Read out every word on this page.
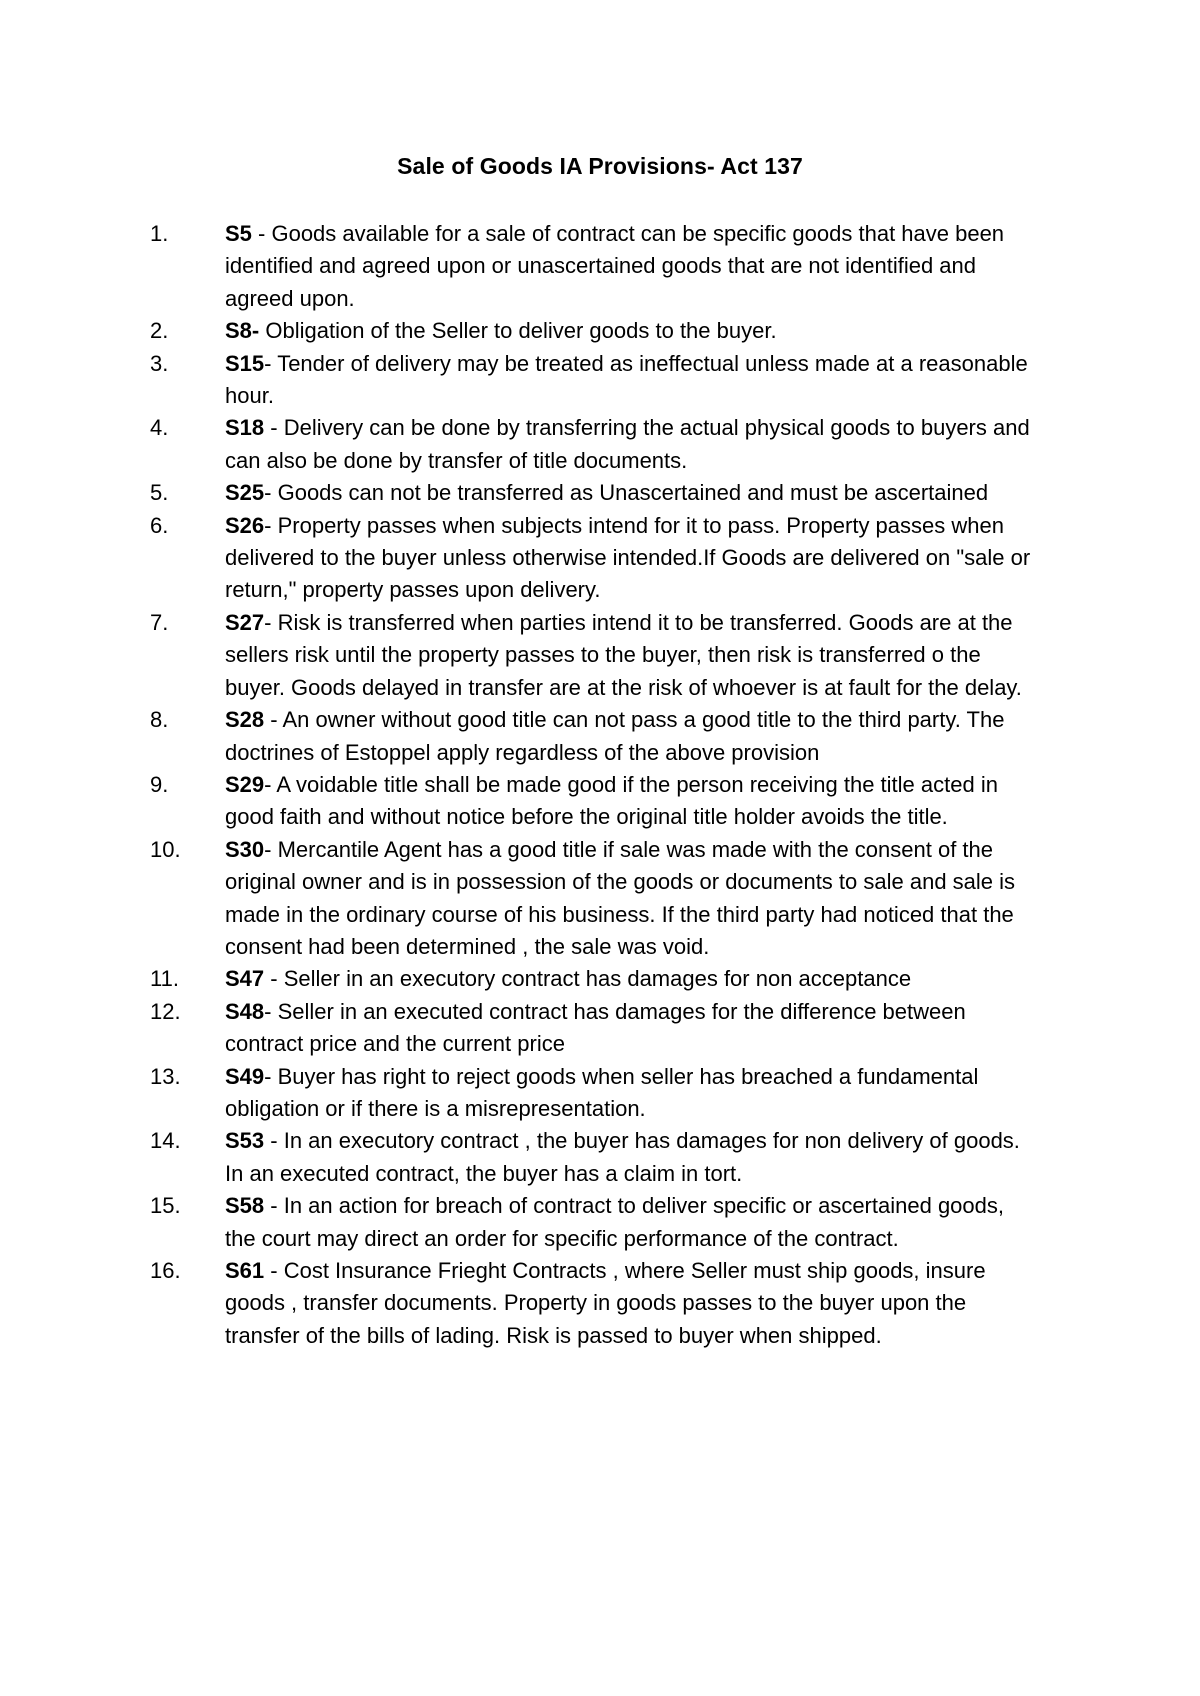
Sale of Goods IA Provisions- Act 137
1.	S5 - Goods available for a sale of contract can be specific goods that have been identified and agreed upon or unascertained goods that are not identified and agreed upon.
2.	S8- Obligation of the Seller to deliver goods to the buyer.
3.	S15- Tender of delivery may be treated as ineffectual unless made at a reasonable hour.
4.	S18 - Delivery can be done by transferring the actual physical goods to buyers and can also be done by transfer of title documents.
5.	S25- Goods can not be transferred as Unascertained and must be ascertained
6.	S26- Property passes when subjects intend for it to pass. Property passes when delivered to the buyer unless otherwise intended.If Goods are delivered on "sale or return," property passes upon delivery.
7.	S27- Risk is transferred when parties intend it to be transferred. Goods are at the sellers risk until the property passes to the buyer, then risk is transferred o the buyer. Goods delayed in transfer are at the risk of whoever is at fault for the delay.
8.	S28 - An owner without good title can not pass a good title to the third party. The doctrines of Estoppel apply regardless of the above provision
9.	S29- A voidable title shall be made good if the person receiving the title acted in good faith and without notice before the original title holder avoids the title.
10.	S30- Mercantile Agent has a good title if sale was made with the consent of the original owner and is in possession of the goods or documents to sale and sale is made in the ordinary course of his business. If the third party had noticed that the consent had been determined , the sale was void.
11.	S47 - Seller in an executory contract has damages for non acceptance
12.	S48- Seller in an executed contract has damages for the difference between contract price and the current price
13.	S49- Buyer has right to reject goods when seller has breached a fundamental obligation or if there is a misrepresentation.
14.	S53 - In an executory contract , the buyer has damages for non delivery of goods. In an executed contract, the buyer has a claim in tort.
15.	S58 - In an action for breach of contract to deliver specific or ascertained goods, the court may direct an order for specific performance of the contract.
16.	S61 - Cost Insurance Frieght Contracts , where Seller must ship goods, insure goods , transfer documents. Property in goods passes to the buyer upon the transfer of the bills of lading. Risk is passed to buyer when shipped.
